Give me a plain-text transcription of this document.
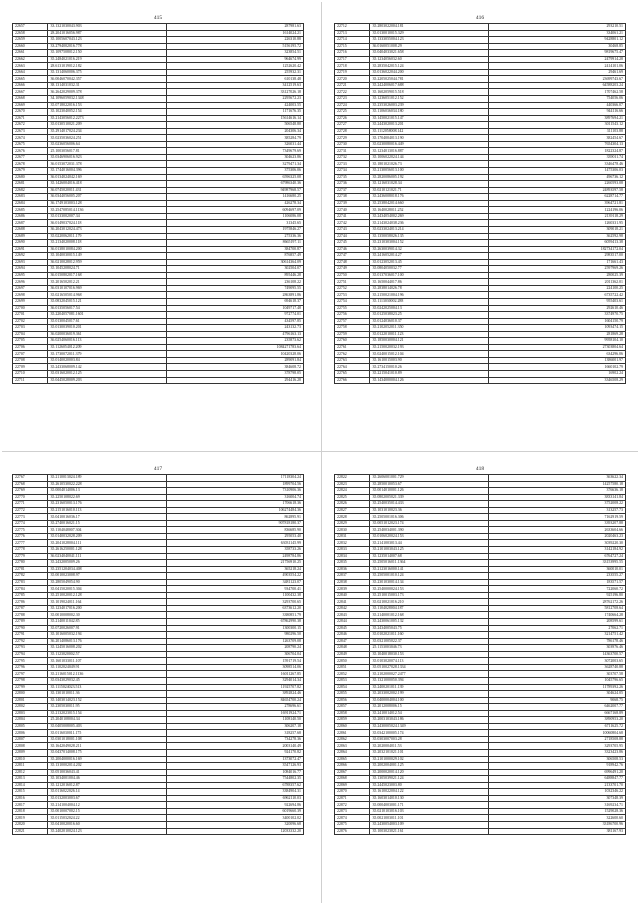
415
22657	33.1321030043.903	287981.63
22658	28.2041016056.987	1614024.21
22659	35.1005607043.123	226310.88
22660	33.2794002016.778	5156195.72
22661	35.1097508012.150	323854.51
22662	35.2484021016.219	964674.99
22663	28.6131019012.182	1252620.42
22664	35.1314060006.375	255932.31
22665	36.0046070042.357	610138.48
22666	38.1314031032.31	3412519.63
22667	36.2642029009.378	33127026.18
22668	34.1096059032.1348	2295672.23
22669	35.0718022016.153	424003.55
22670	35.1023040052.154	1171676.35
22671	35.2143056012.2273	15614616.14
22672	35.0130510021.209	506548.80
22673	35.2914017024.234	204306.34
22674	35.0235036024.251	385284.79
22675	35.0236056006.64	326031.44
22676	25.1003056017.81	7349679.69
22677	35.0346906016.923	304623.86
22678	36.0153072031.378	3279471.34
22679	35.1744016004.396	375306.06
22680	36.0134024042.169	6596325.08
22681	35.1426004016.418	67986340.36
22682	36.0745020011.431	94987968.57
22683	36.0344056005.207	1416680.25
22684	36.1749103003.128	426278.34
22685	35.2547085014.1136	6094697.09
22686	35.0133002007.34	1106086.08
22687	36.0149037024.118	31345.65
22688	36.2043012024.473	1975846.27
22689	35.0220062011.179	275336.36
22690	35.2134020008.118	8665197.11
22691	36.0138010084.200	384700.87
22692	35.1040030015.149	876857.49
22693	36.0210028012.959	30614364.09
22694	35.1045208024.71	302504.07
22695	36.0150802017.168	895446.28
22696	35.2016502012.21	236108.22
22697	36.0310107016.969	749095.55
22698	35.0216505014.968	2863891.86
22699	35.0832045015.121	694618.37
22700	36.0135056017.54	1049717.48
22701	35.2204057081.1601	972774.01
22702	35.0130045017.61	434597.85
22703	35.0130039010.201	243132.73
22704	36.0200036019.361	4796163.13
22705	36.0254060016.113	235873.62
22706	35.1126054012.209	1084271783.64
22707	35.1730072011.379	10420328.06
22708	35.0140020003.84	289091.84
22709	35.2433068009.142	384608.72
22710	35.0316020012.125	378798.05
22711	35.0445028009.203	294416.28
416
22712	35.2803022004.181	293210.51
22713	35.0130010015.329	334061.21
22714	35.1333055004.123	9428801.12
22715	36.0160051008.29	30468.85
22716	35.0404033021.658	9819675.47
22717	35.1234056032.60	2479914.28
22718	35.2835042015.124	2414101.06
22719	35.0136022044.200	29461.69
22720	35.2205025044.781	23699743.67
22721	35.2424006017.688	64588203.24
22722	35.1602059015.518	1707462.58
22723	35.1236051012.152	754056.06
22724	35.2353026003.239	440366.07
22725	35.1106036034.180	944116.66
22726	35.1450021015.147	3897694.21
22727	35.2443020013.201	3011543.12
22728	35.1112058008.142	311103.88
22729	35.1704004013.190	382454.67
22730	35.0230080016.449	7654304.13
22731	35.1234013016.887	1822324.87
22732	35.1006022024.144	339011.74
22733	35.1801021026.73	3346478.46
22734	35.2130056013.100	1475306.03
22735	35.2820086005.192	496736.12
22736	35.1216031028.34	2260593.08
22737	35.0210121021.71	24893597.58
22738	35.2436008018.176	6228714.77
22739	35.2538042014.660	3964721.81
22740	35.1640028011.252	1224196.06
22741	35.2434054002.269	2139118.29
22742	35.2143024038.236	1260331.95
22743	35.0233024013.214	309018.21
22744	35.1350058026.135	362592.98
22745	35.2310303004.152	6059413.38
22746	35.2630039014.32	182734172.04
22747	35.2416052014.27	2983517.00
22748	35.0123052013.45	171661.43
22749	35.0804050032.77	2597969.26
22750	35.0137036017.100	280025.39
22751	35.1650044017.86	2011362.01
22752	35.2838014026.78	224100.25
22753	35.2150021004.196	6735722.42
22754	35.1113030002.288	955403.61
22755	35.0242025004.13	292610.46
22756	35.0125038023.25	3374970.75
22757	35.0124036010.37	1604150.79
22758	35.2102052011.350	1093474.15
22759	35.0122010011.123	281869.28
22760	35.1850030004.121	9958104.10
22761	35.2150020032.193	27303804.64
22762	35.0240015012.104	634296.06
22763	35.1610015003.90	1386001.97
22764	35.2734150010.26	1660102.79
22765	35.2215041010.89	16902.24
22766	35.1434000004.126	3346508.29
417
22767	35.2110013024.189	17118304.24
22768	35.2610530022.228	1899704.56
22769	35.0004014006.13	7310906.36
22770	35.2250108022.69	316004.74
22771	35.2316050013.176	1706618.36
22772	35.2151016010.113	106274484.36
22773	35.0410016036.17	862895.91
22774	35.2740016021.15	907818180.37
22775	35.1104048007.304	836685.90
22776	35.0140032028.209	295053.40
22777	35.2041028004.111	63031145.99
22778	35.2616250001.128	358733.26
22779	36.0234040041.111	2498784.86
22780	35.2432005009.26	21756910.25
22781	35.2351204034.408	365218.24
22782	35.0010023008.97	4903554.22
22783	35.2805049054.90	3481123.07
22784	35.0415020015.304	934700.41
22785	35.2510020012.128	1100432.38
22786	35.1019024011.164	3293700.65
22787	35.1234017016.200	6373612.20
22788	35.0010008002.30	3380851.79
22789	35.2140011042.85	67862990.38
22790	35.0720026007.91	1300300.15
22791	35.1016005032.194	980296.50
22792	36.2014086013.176	1263709.08
22793	35.1245016008.202	208790.24
22794	35.1123020002.57	306704.04
22795	35.1601033011.107	1591719.54
22796	35.1102024049.91	3098514.06
22797	35.2116015012.1136	16011267.85
22798	35.0343029032.45	3294014.34
22799	35.1115024023.513	11925707.82
22800	35.1301010011.36	3892824.46
22801	35.1403014023.152	84654700.24
22802	35.2305030011.95	278696.61
22803	35.2132023015.154	16911924.71
22804	25.2040108004.34	1108140.50
22805	35.0405008005.403	306207.18
22806	35.0116030011.175	318257.68
22807	35.0301018001.108	734278.36
22808	35.1642049028.211	2003140.49
22809	35.0437014008.175	924170.82
22810	35.2004000016.169	1373072.47
22811	35.1310002014.202	3547126.93
22812	35.0510036043.41	1084016.77
22813	35.1034001004.46	7544802.35
22814	35.1212016012.87	6788357.62
22815	35.0116022026.14	3384904.31
22816	35.0132003003.67	6962110.03
22817	35.2141004004.12	922694.86
22818	35.0010007002.15	6019660.39
22819	35.0115032024.22	3400102.02
22820	35.0410020016.60	320096.68
22821	35.2402010024.123	12033332.20
418
22822	35.2606001001.729	363622.34
22823	35.2850010053.67	14257580.18
22824	35.0014010001.126	376636.18
22825	35.0802005021.339	3833141.84
22826	35.2540035014.433	3752008.22
22827	35.1031010023.36	313257.73
22828	35.2505001016.306	7162919.59
22829	35.0051012023.174	3393207.88
22830	35.2540034001.390	2633604.66
22831	35.0106020024.153	2020463.23
22832	35.2141003013.44	3039220.30
22833	35.2101003043.125	3142184.92
22834	35.1235014007.68	6764727.24
22835	35.2505016011.1364	33153995.55
22836	35.2123016000.141	360010.01
22837	35.2505001010.124	233555.27
22838	35.2301030014.134	183571.57
22839	35.2540000024.153	722060.72
22840	35.2510015003.173	925196.80
22841	35.0210021016.210	28762172.26
22842	35.1104028004.187	5812708.64
22843	35.2140001012.168	1740664.28
22844	35.2430061005.132	208599.61
22845	35.2434005043.75	27062.71
22846	35.0102021011.160	3214751.42
22847	35.0321005022.37	786178.46
22848	25.1153003046.73	303976.46
22849	35.1040018030.153	14363700.57
22850	35.0103020074.113	3072003.65
22851	35.0510027028.1334	3628740.88
22852	35.2102000027.2477	303707.58
22853	35.1321000050.394	1045796.65
22854	35.2400201011.139	11789392.26
22855	35.2033002002.199	304624.05
22856	35.0400004004.100	9068.75
22857	35.2012008006.15	6462007.77
22858	35.2410014012.54	6667168.89
22859	35.2003103043.186	3890953.20
22860	35.2430005024.1349	6711625.72
22861	35.0342100005.174	10060804.68
22862	35.0303007003.28	2718508.88
22863	35.2020004011.53	3293705.95
22864	35.2032101021.101	3323423.86
22865	35.2101000029.102	306508.53
22866	35.2002004001.125	918942.76
22867	35.2000020014.120	6996491.20
22868	35.1305039021.124	6488847.77
22869	35.2445023003.80	2133701.70
22870	35.1610022004.122	1032346.22
22871	35.1603014010.130	307348.39
22872	35.0004003001.171	3169234.71
22873	35.0210103016.103	1529028.36
22874	35.0021003011.101	322600.60
22875	35.2430054003.109	33186700.96
22876	35.1003023021.161	381167.93
